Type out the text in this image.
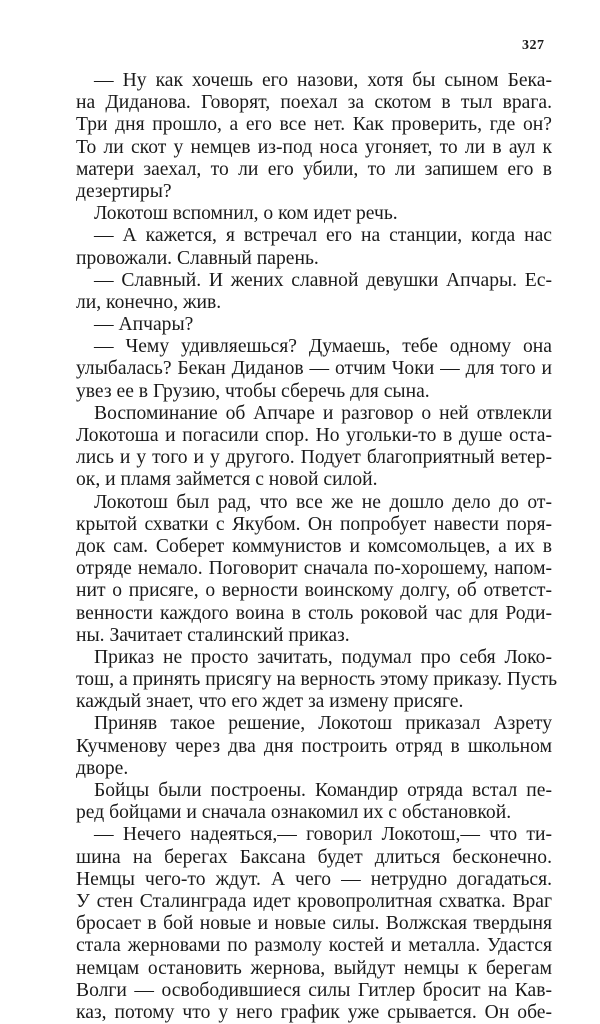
327
— Ну как хочешь его назови, хотя бы сыном Бека-
на Диданова. Говорят, поехал за скотом в тыл врага.
Три дня прошло, а его все нет. Как проверить, где он?
То ли скот у немцев из-под носа угоняет, то ли в аул к
матери заехал, то ли его убили, то ли запишем его в
дезертиры?
Локотош вспомнил, о ком идет речь.
— А кажется, я встречал его на станции, когда нас
провожали. Славный парень.
— Славный. И жених славной девушки Апчары. Ес-
ли, конечно, жив.
— Апчары?
— Чему удивляешься? Думаешь, тебе одному она
улыбалась? Бекан Диданов — отчим Чоки — для того и
увез ее в Грузию, чтобы сберечь для сына.
Воспоминание об Апчаре и разговор о ней отвлекли
Локотоша и погасили спор. Но угольки-то в душе оста-
лись и у того и у другого. Подует благоприятный ветер-
ок, и пламя займется с новой силой.
Локотош был рад, что все же не дошло дело до от-
крытой схватки с Якубом. Он попробует навести поря-
док сам. Соберет коммунистов и комсомольцев, а их в
отряде немало. Поговорит сначала по-хорошему, напом-
нит о присяге, о верности воинскому долгу, об ответст-
венности каждого воина в столь роковой час для Роди-
ны. Зачитает сталинский приказ.
Приказ не просто зачитать, подумал про себя Локо-
тош, а принять присягу на верность этому приказу. Пусть
каждый знает, что его ждет за измену присяге.
Приняв такое решение, Локотош приказал Азрету
Кучменову через два дня построить отряд в школьном
дворе.
Бойцы были построены. Командир отряда встал пе-
ред бойцами и сначала ознакомил их с обстановкой.
— Нечего надеяться,— говорил Локотош,— что ти-
шина на берегах Баксана будет длиться бесконечно.
Немцы чего-то ждут. А чего — нетрудно догадаться.
У стен Сталинграда идет кровопролитная схватка. Враг
бросает в бой новые и новые силы. Волжская твердыня
стала жерновами по размолу костей и металла. Удастся
немцам остановить жернова, выйдут немцы к берегам
Волги — освободившиеся силы Гитлер бросит на Кав-
каз, потому что у него график уже срывается. Он обе-
